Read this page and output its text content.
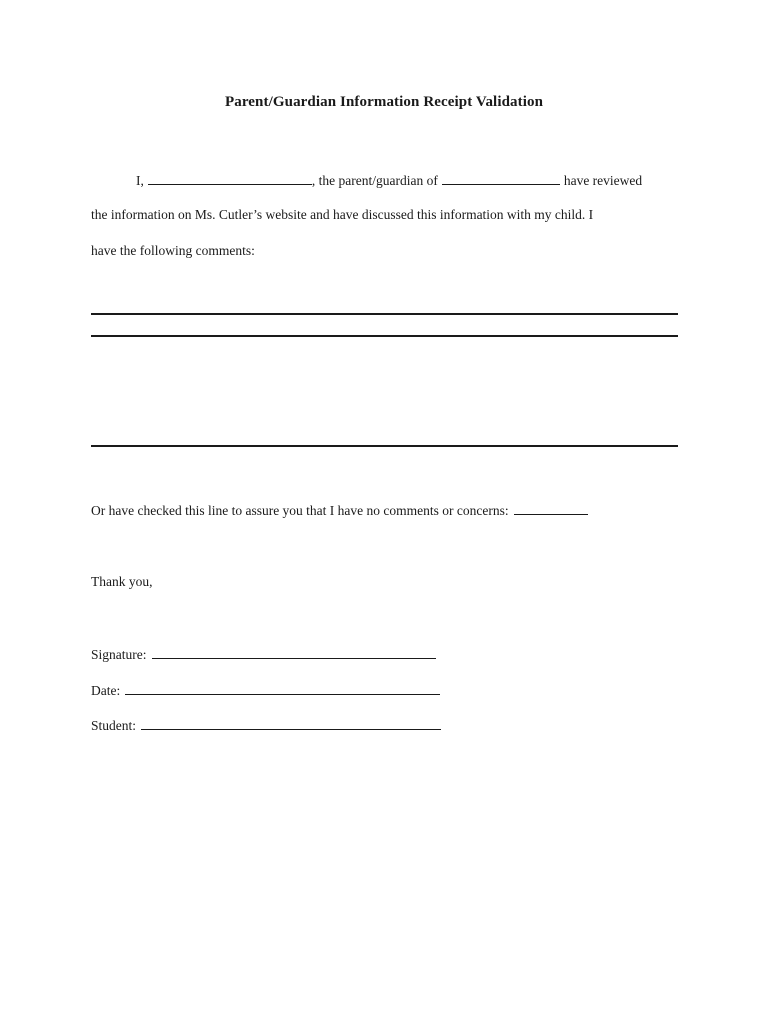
Parent/Guardian Information Receipt Validation
I,	, the parent/guardian of	have reviewed
the information on Ms. Cutler’s website and have discussed this information with my child. I
have the following comments:
Or have checked this line to assure you that I have no comments or concerns:
Thank you,
Signature:
Date:
Student:
